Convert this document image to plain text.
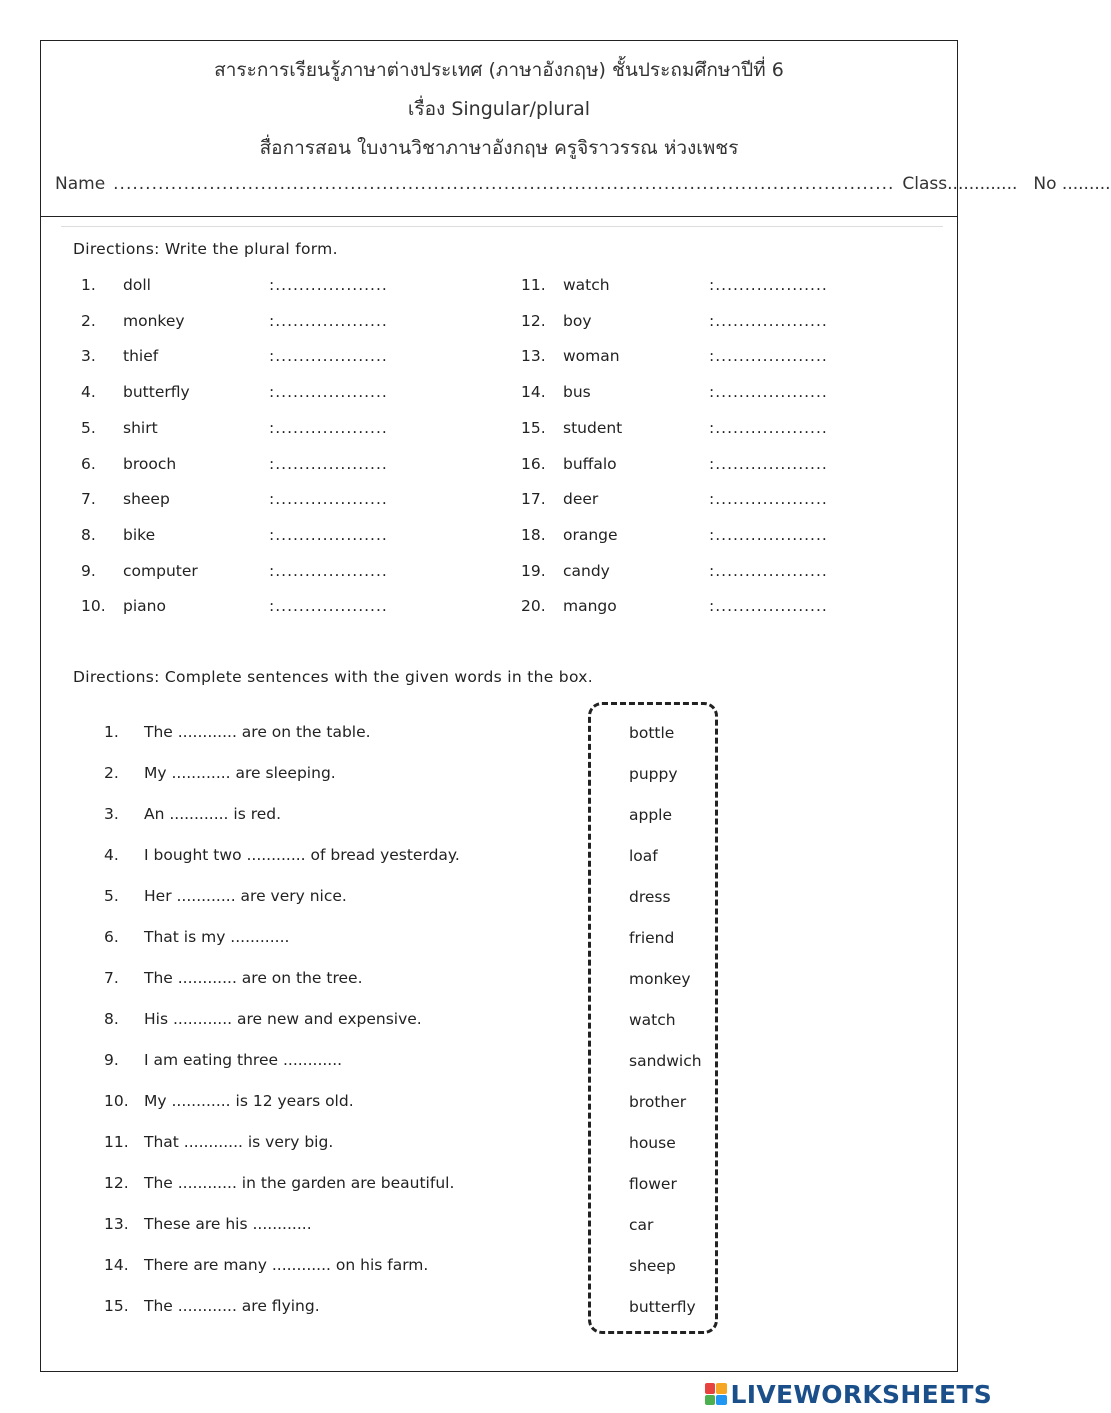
สาระการเรียนรู้ภาษาต่างประเทศ (ภาษาอังกฤษ) ชั้นประถมศึกษาปีที่ 6
เรื่อง Singular/plural
สื่อการสอน ใบงานวิชาภาษาอังกฤษ ครูจิราวรรณ ห่วงเพชร
Name .......................................................................................................................... Class............. No .........
Directions: Write the plural form.
1.	doll	:...................
2.	monkey	:...................
3.	thief	:...................
4.	butterfly	:...................
5.	shirt	:...................
6.	brooch	:...................
7.	sheep	:...................
8.	bike	:...................
9.	computer	:...................
10.	piano	:...................
11.	watch	:...................
12.	boy	:...................
13.	woman	:...................
14.	bus	:...................
15.	student	:...................
16.	buffalo	:...................
17.	deer	:...................
18.	orange	:...................
19.	candy	:...................
20.	mango	:...................
Directions: Complete sentences with the given words in the box.
1. The ............ are on the table.
2. My ............ are sleeping.
3. An ............ is red.
4. I bought two ............ of bread yesterday.
5. Her ............ are very nice.
6. That is my ............
7. The ............ are on the tree.
8. His ............ are new and expensive.
9. I am eating three ............
10. My ............ is 12 years old.
11. That ............ is very big.
12. The ............ in the garden are beautiful.
13. These are his ............
14. There are many ............ on his farm.
15. The ............ are flying.
bottle
puppy
apple
loaf
dress
friend
monkey
watch
sandwich
brother
house
flower
car
sheep
butterfly
LIVEWORKSHEETS
